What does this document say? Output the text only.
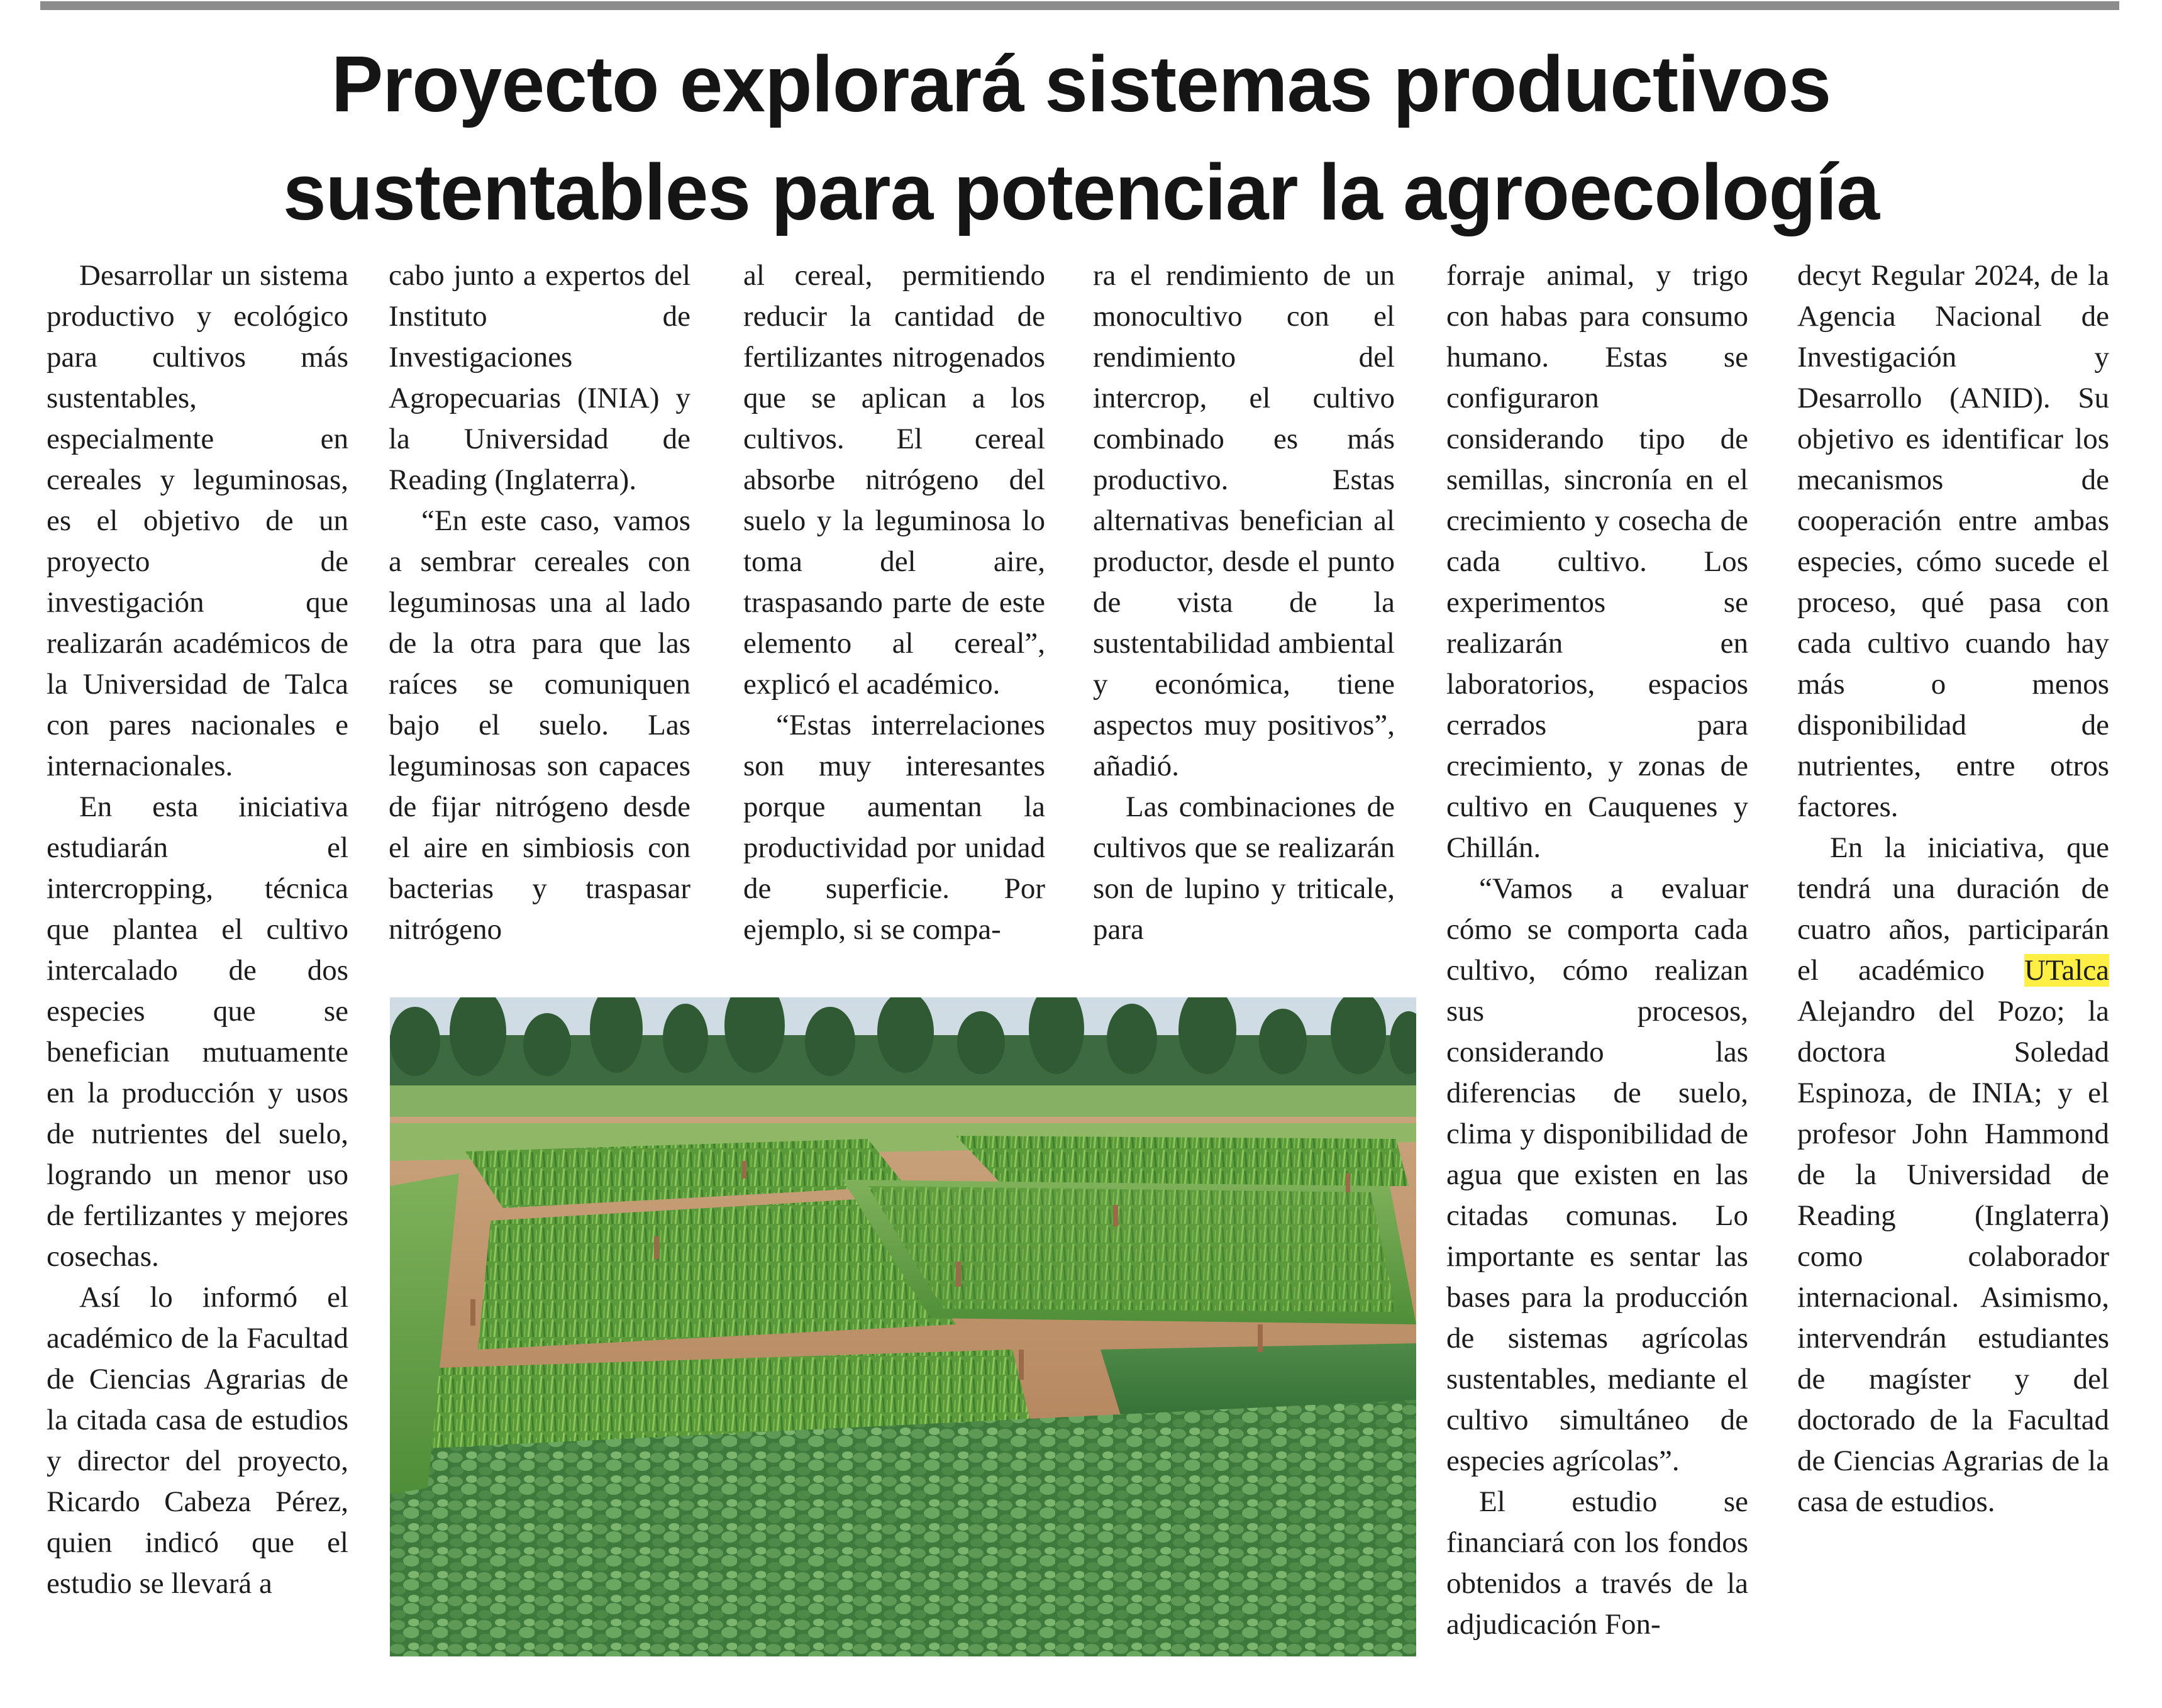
Proyecto explorará sistemas productivos
sustentables para potenciar la agroecología

Desarrollar un sistema productivo y ecológico para cultivos más sustentables, especialmente en cereales y leguminosas, es el objetivo de un proyecto de investigación que realizarán académicos de la Universidad de Talca con pares nacionales e internacionales.

En esta iniciativa estudiarán el intercropping, técnica que plantea el cultivo intercalado de dos especies que se benefician mutuamente en la producción y usos de nutrientes del suelo, logrando un menor uso de fertilizantes y mejores cosechas.

Así lo informó el académico de la Facultad de Ciencias Agrarias de la citada casa de estudios y director del proyecto, Ricardo Cabeza Pérez, quien indicó que el estudio se llevará a

cabo junto a expertos del Instituto de Investigaciones Agropecuarias (INIA) y la Universidad de Reading (Inglaterra).

“En este caso, vamos a sembrar cereales con leguminosas una al lado de la otra para que las raíces se comuniquen bajo el suelo. Las leguminosas son capaces de fijar nitrógeno desde el aire en simbiosis con bacterias y traspasar nitrógeno

al cereal, permitiendo reducir la cantidad de fertilizantes nitrogenados que se aplican a los cultivos. El cereal absorbe nitrógeno del suelo y la leguminosa lo toma del aire, traspasando parte de este elemento al cereal”, explicó el académico.

“Estas interrelaciones son muy interesantes porque aumentan la productividad por unidad de superficie. Por ejemplo, si se compa-

ra el rendimiento de un monocultivo con el rendimiento del intercrop, el cultivo combinado es más productivo. Estas alternativas benefician al productor, desde el punto de vista de la sustentabilidad ambiental y económica, tiene aspectos muy positivos”, añadió.

Las combinaciones de cultivos que se realizarán son de lupino y triticale, para

forraje animal, y trigo con habas para consumo humano. Estas se configuraron considerando tipo de semillas, sincronía en el crecimiento y cosecha de cada cultivo. Los experimentos se realizarán en laboratorios, espacios cerrados para crecimiento, y zonas de cultivo en Cauquenes y Chillán.

“Vamos a evaluar cómo se comporta cada cultivo, cómo realizan sus procesos, considerando las diferencias de suelo, clima y disponibilidad de agua que existen en las citadas comunas. Lo importante es sentar las bases para la producción de sistemas agrícolas sustentables, mediante el cultivo simultáneo de especies agrícolas”.

El estudio se financiará con los fondos obtenidos a través de la adjudicación Fon-

decyt Regular 2024, de la Agencia Nacional de Investigación y Desarrollo (ANID). Su objetivo es identificar los mecanismos de cooperación entre ambas especies, cómo sucede el proceso, qué pasa con cada cultivo cuando hay más o menos disponibilidad de nutrientes, entre otros factores.

En la iniciativa, que tendrá una duración de cuatro años, participarán el académico UTalca Alejandro del Pozo; la doctora Soledad Espinoza, de INIA; y el profesor John Hammond de la Universidad de Reading (Inglaterra) como colaborador internacional. Asimismo, intervendrán estudiantes de magíster y del doctorado de la Facultad de Ciencias Agrarias de la casa de estudios.
